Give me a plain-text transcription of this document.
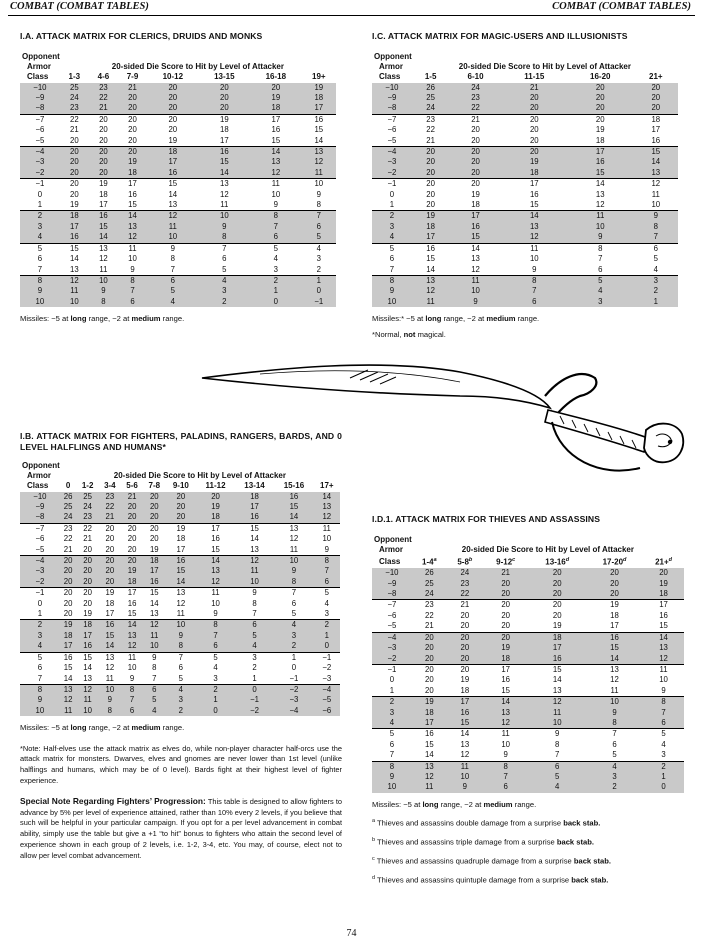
COMBAT (COMBAT TABLES)	COMBAT (COMBAT TABLES)
I.A. ATTACK MATRIX FOR CLERICS, DRUIDS AND MONKS
Opponent							
Armor	20-sided Die Score to Hit by Level of Attacker						
Class	1-3	4-6	7-9	10-12	13-15	16-18	19+
−10	25	23	21	20	20	20	19
−9	24	22	20	20	20	19	18
−8	23	21	20	20	20	18	17
−7	22	20	20	20	19	17	16
−6	21	20	20	20	18	16	15
−5	20	20	20	19	17	15	14
−4	20	20	20	18	16	14	13
−3	20	20	19	17	15	13	12
−2	20	20	18	16	14	12	11
−1	20	19	17	15	13	11	10
0	20	18	16	14	12	10	9
1	19	17	15	13	11	9	8
2	18	16	14	12	10	8	7
3	17	15	13	11	9	7	6
4	16	14	12	10	8	6	5
5	15	13	11	9	7	5	4
6	14	12	10	8	6	4	3
7	13	11	9	7	5	3	2
8	12	10	8	6	4	2	1
9	11	9	7	5	3	1	0
10	10	8	6	4	2	0	−1
Missiles: −5 at long range, −2 at medium range.
I.C. ATTACK MATRIX FOR MAGIC-USERS AND ILLUSIONISTS
Opponent					
Armor	20-sided Die Score to Hit by Level of Attacker				
Class	1-5	6-10	11-15	16-20	21+
−10	26	24	21	20	20
−9	25	23	20	20	20
−8	24	22	20	20	20
−7	23	21	20	20	18
−6	22	20	20	19	17
−5	21	20	20	18	16
−4	20	20	20	17	15
−3	20	20	19	16	14
−2	20	20	18	15	13
−1	20	20	17	14	12
0	20	19	16	13	11
1	20	18	15	12	10
2	19	17	14	11	9
3	18	16	13	10	8
4	17	15	12	9	7
5	16	14	11	8	6
6	15	13	10	7	5
7	14	12	9	6	4
8	13	11	8	5	3
9	12	10	7	4	2
10	11	9	6	3	1
Missiles:* −5 at long range, −2 at medium range.
*Normal, not magical.
I.B. ATTACK MATRIX FOR FIGHTERS, PALADINS, RANGERS, BARDS, AND 0 LEVEL HALFLINGS AND HUMANS*
Opponent										
Armor	20-sided Die Score to Hit by Level of Attacker									
Class	0	1-2	3-4	5-6	7-8	9-10	11-12	13-14	15-16	17+
−10	26	25	23	21	20	20	20	18	16	14
−9	25	24	22	20	20	20	19	17	15	13
−8	24	23	21	20	20	20	18	16	14	12
−7	23	22	20	20	20	19	17	15	13	11
−6	22	21	20	20	20	18	16	14	12	10
−5	21	20	20	20	19	17	15	13	11	9
−4	20	20	20	20	18	16	14	12	10	8
−3	20	20	20	19	17	15	13	11	9	7
−2	20	20	20	18	16	14	12	10	8	6
−1	20	20	19	17	15	13	11	9	7	5
0	20	20	18	16	14	12	10	8	6	4
1	20	19	17	15	13	11	9	7	5	3
2	19	18	16	14	12	10	8	6	4	2
3	18	17	15	13	11	9	7	5	3	1
4	17	16	14	12	10	8	6	4	2	0
5	16	15	13	11	9	7	5	3	1	−1
6	15	14	12	10	8	6	4	2	0	−2
7	14	13	11	9	7	5	3	1	−1	−3
8	13	12	10	8	6	4	2	0	−2	−4
9	12	11	9	7	5	3	1	−1	−3	−5
10	11	10	8	6	4	2	0	−2	−4	−6
Missiles: −5 at long range, −2 at medium range.
*Note: Half-elves use the attack matrix as elves do, while non-player character half-orcs use the attack matrix for monsters. Dwarves, elves and gnomes are never lower than 1st level (unlike halflings and humans, which may be of 0 level). Bards fight at their highest level of fighter experience.
Special Note Regarding Fighters’ Progression: This table is designed to allow fighters to advance by 5% per level of experience attained, rather than 10% every 2 levels, if you believe that such will be helpful in your particular campaign. If you opt for a per level advancement in combat ability, simply use the table but give a +1 “to hit” bonus to fighters who attain the second level of experience shown in each group of 2 levels, i.e. 1-2, 3-4, etc. You may, of course, elect not to allow per level combat advancement.
I.D.1. ATTACK MATRIX FOR THIEVES AND ASSASSINS
Opponent						
Armor	20-sided Die Score to Hit by Level of Attacker					
Class	1-4$^a$	5-8$^b$	9-12$^c$	13-16$^d$	17-20$^d$	21+$^d$
−10	26	24	21	20	20	20
−9	25	23	20	20	20	19
−8	24	22	20	20	20	18
−7	23	21	20	20	19	17
−6	22	20	20	20	18	16
−5	21	20	20	19	17	15
−4	20	20	20	18	16	14
−3	20	20	19	17	15	13
−2	20	20	18	16	14	12
−1	20	20	17	15	13	11
0	20	19	16	14	12	10
1	20	18	15	13	11	9
2	19	17	14	12	10	8
3	18	16	13	11	9	7
4	17	15	12	10	8	6
5	16	14	11	9	7	5
6	15	13	10	8	6	4
7	14	12	9	7	5	3
8	13	11	8	6	4	2
9	12	10	7	5	3	1
10	11	9	6	4	2	0
Missiles: −5 at long range, −2 at medium range.
$^a$ Thieves and assassins double damage from a surprise back stab.
$^b$ Thieves and assassins triple damage from a surprise back stab.
$^c$ Thieves and assassins quadruple damage from a surprise back stab.
$^d$ Thieves and assassins quintuple damage from a surprise back stab.
74
